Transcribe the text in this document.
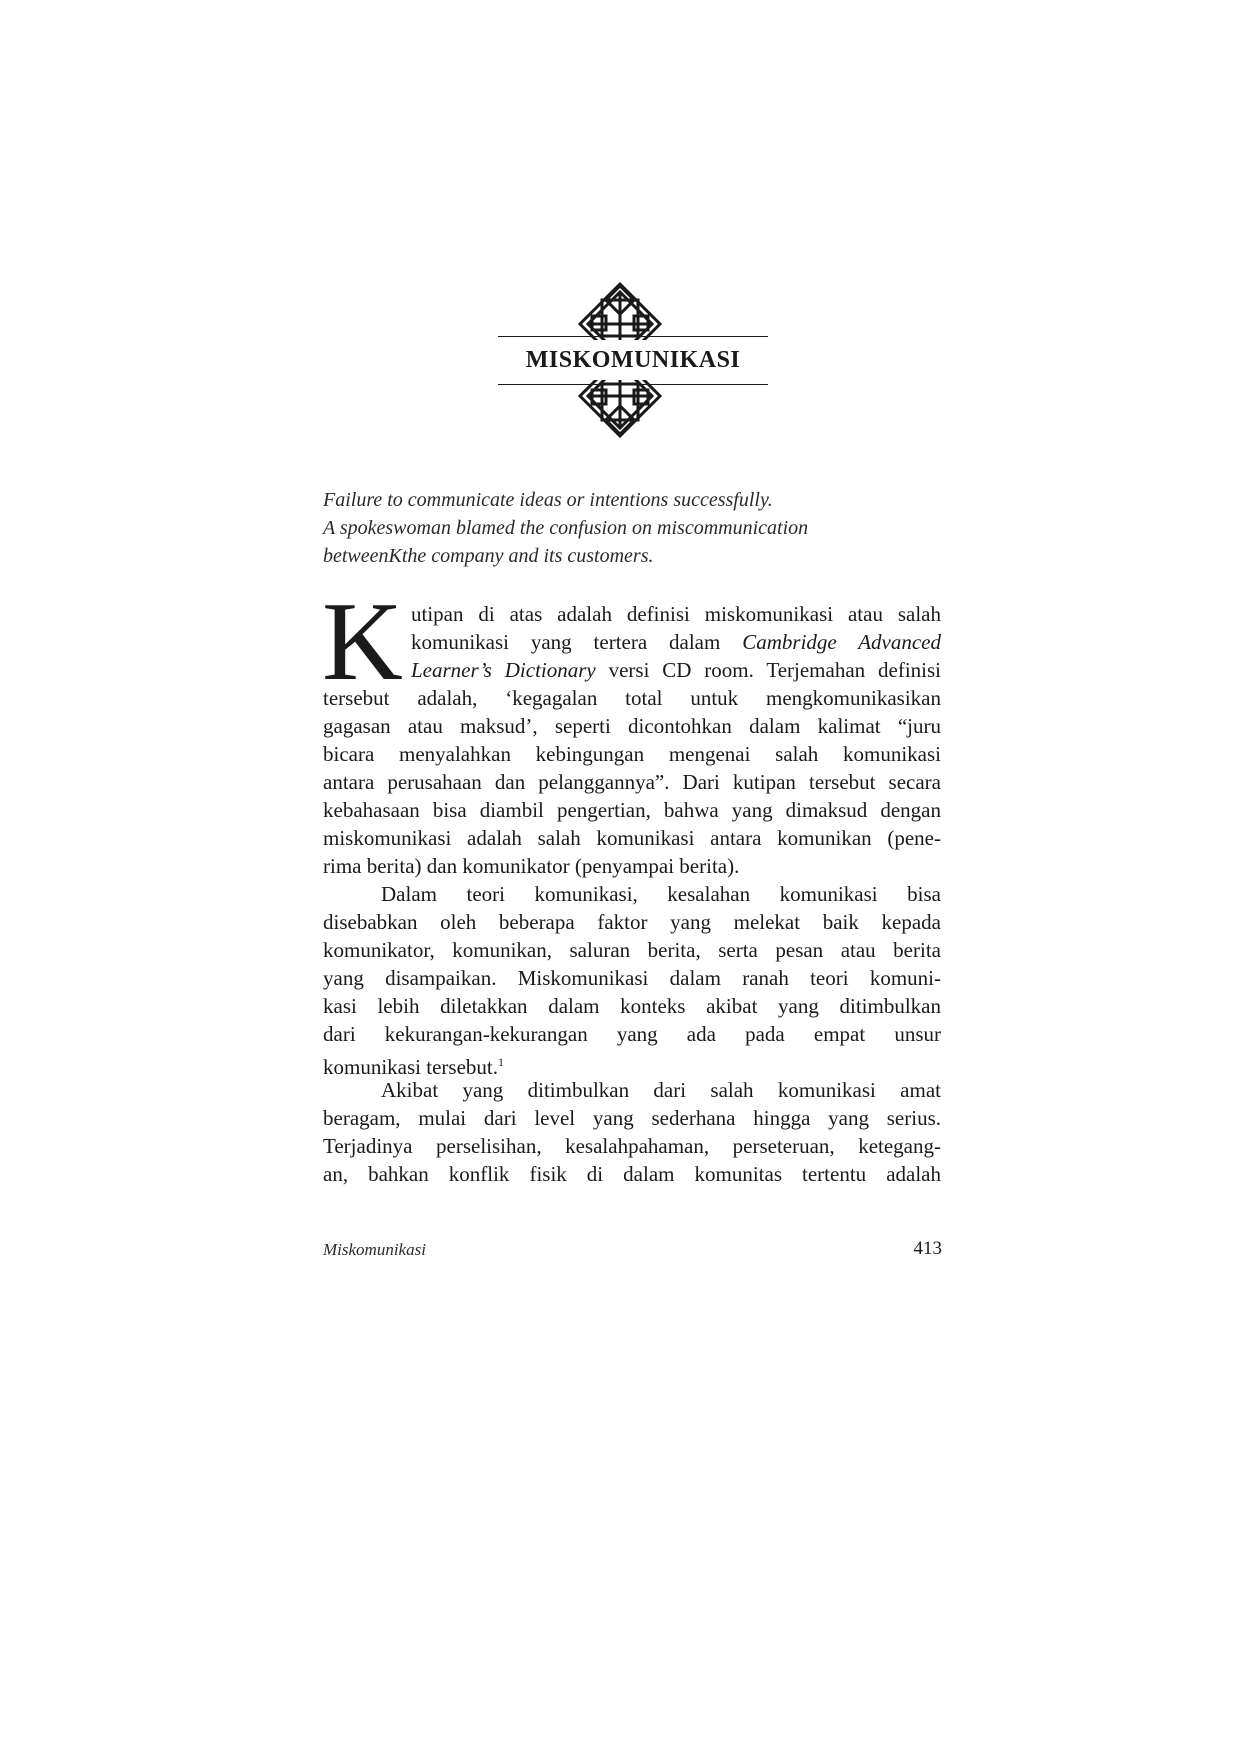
MISKOMUNIKASI
Failure to communicate ideas or intentions successfully.
A spokeswoman blamed the confusion on miscommunication
betweenKthe company and its customers.
K utipan di atas adalah definisi miskomunikasi atau salah
komunikasi yang tertera dalam Cambridge Advanced
Learner’s Dictionary versi CD room. Terjemahan definisi
tersebut adalah, ‘kegagalan total untuk mengkomunikasikan
gagasan atau maksud’, seperti dicontohkan dalam kalimat “juru
bicara menyalahkan kebingungan mengenai salah komunikasi
antara perusahaan dan pelanggannya”. Dari kutipan tersebut secara
kebahasaan bisa diambil pengertian, bahwa yang dimaksud dengan
miskomunikasi adalah salah komunikasi antara komunikan (pene-
rima berita) dan komunikator (penyampai berita).
Dalam teori komunikasi, kesalahan komunikasi bisa
disebabkan oleh beberapa faktor yang melekat baik kepada
komunikator, komunikan, saluran berita, serta pesan atau berita
yang disampaikan. Miskomunikasi dalam ranah teori komuni-
kasi lebih diletakkan dalam konteks akibat yang ditimbulkan
dari kekurangan-kekurangan yang ada pada empat unsur
komunikasi tersebut.$^1$
Akibat yang ditimbulkan dari salah komunikasi amat
beragam, mulai dari level yang sederhana hingga yang serius.
Terjadinya perselisihan, kesalahpahaman, perseteruan, ketegang-
an, bahkan konflik fisik di dalam komunitas tertentu adalah
Miskomunikasi	413
